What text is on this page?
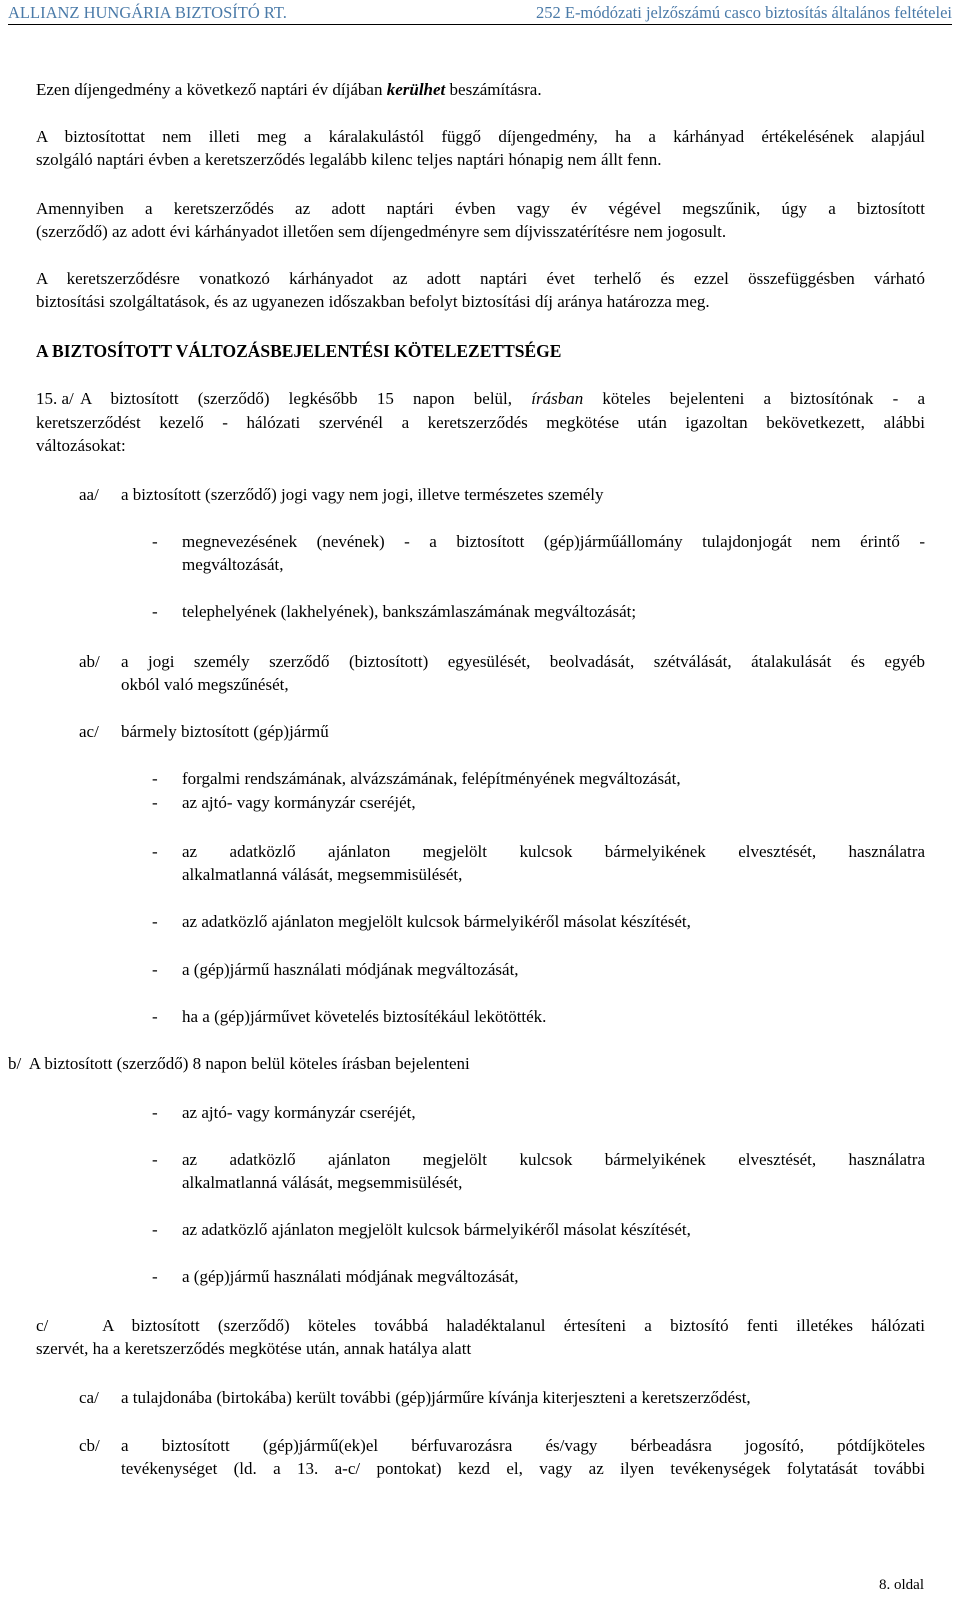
ALLIANZ HUNGÁRIA BIZTOSÍTÓ RT.	252 E-módózati jelzőszámú casco biztosítás általános feltételei

Ezen díjengedmény a következő naptári év díjában kerülhet beszámításra.

A biztosítottat nem illeti meg a káralakulástól függő díjengedmény, ha a kárhányad értékelésének alapjául
szolgáló naptári évben a keretszerződés legalább kilenc teljes naptári hónapig nem állt fenn.

Amennyiben a keretszerződés az adott naptári évben vagy év végével megszűnik, úgy a biztosított
(szerződő) az adott évi kárhányadot illetően sem díjengedményre sem díjvisszatérítésre nem jogosult.

A keretszerződésre vonatkozó kárhányadot az adott naptári évet terhelő és ezzel összefüggésben várható
biztosítási szolgáltatások, és az ugyanezen időszakban befolyt biztosítási díj aránya határozza meg.

A BIZTOSÍTOTT VÁLTOZÁSBEJELENTÉSI KÖTELEZETTSÉGE
15. a/ A biztosított (szerződő) legkésőbb 15 napon belül, írásban köteles bejelenteni a biztosítónak - a

keretszerződést kezelő - hálózati szervénél a keretszerződés megkötése után igazoltan bekövetkezett, alábbi
változásokat:

aa/ a biztosított (szerződő) jogi vagy nem jogi, illetve természetes személy

- megnevezésének (nevének) - a biztosított (gép)járműállomány tulajdonjogát nem érintő -
megváltozását,

- telephelyének (lakhelyének), bankszámlaszámának megváltozását;

ab/ a jogi személy szerződő (biztosított) egyesülését, beolvadását, szétválását, átalakulását és egyéb
okból való megszűnését,

ac/ bármely biztosított (gép)jármű

- forgalmi rendszámának, alvázszámának, felépítményének megváltozását,

- az ajtó- vagy kormányzár cseréjét,

- az adatközlő ajánlaton megjelölt kulcsok bármelyikének elvesztését, használatra
alkalmatlanná válását, megsemmisülését,

- az adatközlő ajánlaton megjelölt kulcsok bármelyikéről másolat készítését,

- a (gép)jármű használati módjának megváltozását,

- ha a (gép)járművet követelés biztosítékául lekötötték.

b/  A biztosított (szerződő) 8 napon belül köteles írásban bejelenteni

- az ajtó- vagy kormányzár cseréjét,

- az adatközlő ajánlaton megjelölt kulcsok bármelyikének elvesztését, használatra
alkalmatlanná válását, megsemmisülését,

- az adatközlő ajánlaton megjelölt kulcsok bármelyikéről másolat készítését,

- a (gép)jármű használati módjának megváltozását,

c/   A biztosított (szerződő) köteles továbbá haladéktalanul értesíteni a biztosító fenti illetékes hálózati
szervét, ha a keretszerződés megkötése után, annak hatálya alatt

ca/ a tulajdonába (birtokába) került további (gép)járműre kívánja kiterjeszteni a keretszerződést,

cb/ a biztosított (gép)jármű(ek)el bérfuvarozásra és/vagy bérbeadásra jogosító, pótdíjköteles
tevékenységet (ld. a 13. a-c/ pontokat) kezd el, vagy az ilyen tevékenységek folytatását további

8. oldal
